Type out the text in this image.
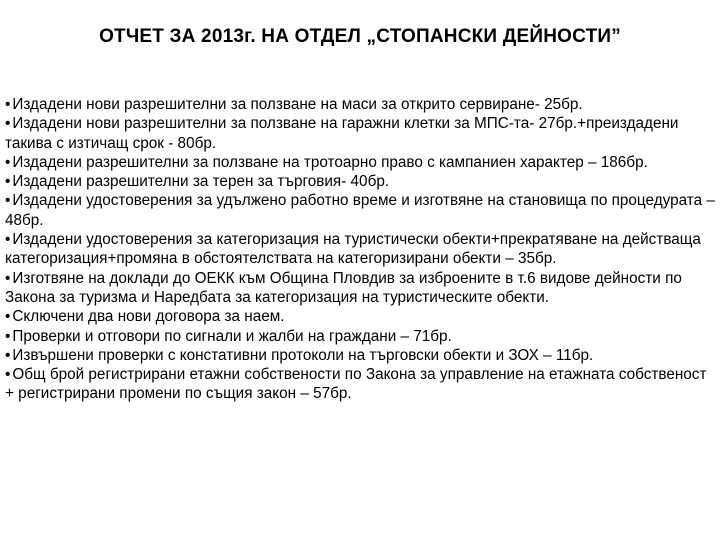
ОТЧЕТ ЗА 2013г. НА ОТДЕЛ „СТОПАНСКИ ДЕЙНОСТИ”

• Издадени нови разрешителни за ползване на маси за открито сервиране- 25бр.

• Издадени нови разрешителни за ползване на гаражни клетки за МПС-та- 27бр.+преиздадени такива с изтичащ срок - 80бр.

• Издадени разрешителни за ползване на тротоарно право с кампаниен характер – 186бр.

• Издадени разрешителни за терен за търговия- 40бр.

• Издадени удостоверения за удължено работно време и изготвяне на становища по процедурата – 48бр.

• Издадени удостоверения за категоризация на туристически обекти+прекратяване на действаща категоризация+промяна в обстоятелствата на категоризирани обекти – 35бр.

• Изготвяне на доклади до ОЕКК към Община Пловдив за изброените в т.6 видове дейности по Закона за туризма и Наредбата за категоризация на туристическите обекти.

• Сключени два нови договора за наем.

• Проверки и отговори по сигнали и жалби на граждани – 71бр.

• Извършени проверки с констативни протоколи на търговски обекти и ЗОХ – 11бр.

• Общ брой регистрирани етажни собствености по Закона за управление на етажната собственост + регистрирани промени по същия закон – 57бр.
